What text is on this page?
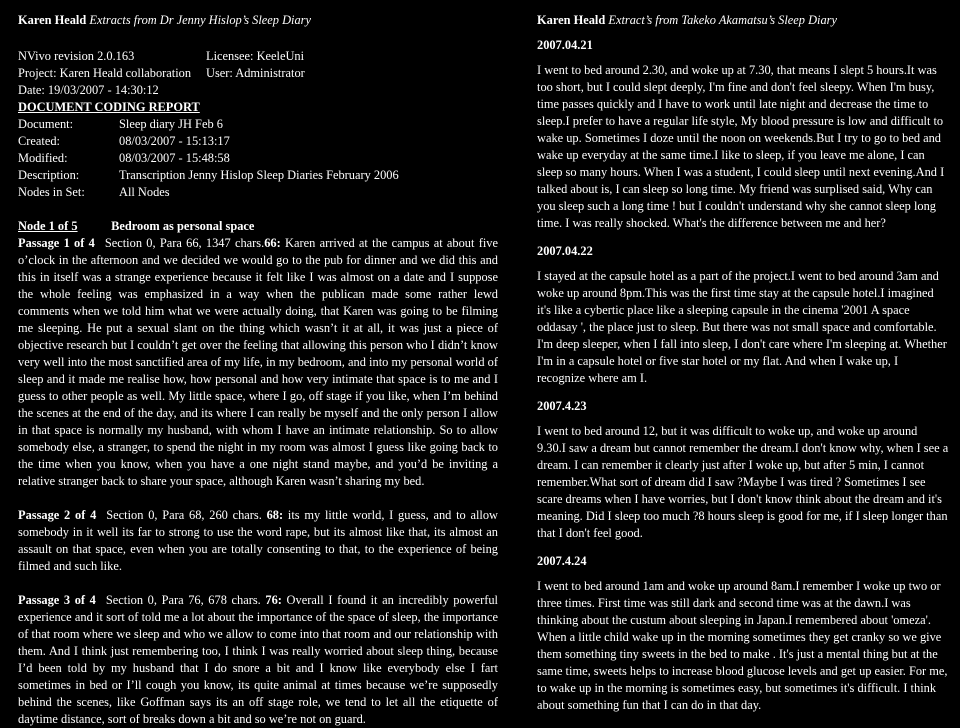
Karen Heald Extracts from Dr Jenny Hislop’s Sleep Diary
NVivo revision 2.0.163	Licensee: KeeleUni
Project: Karen Heald collaboration	User: Administrator
Date: 19/03/2007 - 14:30:12
DOCUMENT CODING REPORT
Document:	Sleep diary JH Feb 6
Created:	08/03/2007 - 15:13:17
Modified:	08/03/2007 - 15:48:58
Description:	Transcription Jenny Hislop Sleep Diaries February 2006
Nodes in Set:	All Nodes
Node 1 of 5	Bedroom as personal space

Passage 1 of 4 Section 0, Para 66, 1347 chars.66: Karen arrived at the campus at about five o’clock in the afternoon and we decided we would go to the pub for dinner and we did this and this in itself was a strange experience because it felt like I was almost on a date and I suppose the whole feeling was emphasized in a way when the publican made some rather lewd comments when we told him what we were actually doing, that Karen was going to be filming me sleeping. He put a sexual slant on the thing which wasn’t it at all, it was just a piece of objective research but I couldn’t get over the feeling that allowing this person who I didn’t know very well into the most sanctified area of my life, in my bedroom, and into my personal world of sleep and it made me realise how, how personal and how very intimate that space is to me and I guess to other people as well. My little space, where I go, off stage if you like, when I’m behind the scenes at the end of the day, and its where I can really be myself and the only person I allow in that space is normally my husband, with whom I have an intimate relationship. So to allow somebody else, a stranger, to spend the night in my room was almost I guess like going back to the time when you know, when you have a one night stand maybe, and you’d be inviting a relative stranger back to share your space, although Karen wasn’t sharing my bed.

Passage 2 of 4 Section 0, Para 68, 260 chars. 68: its my little world, I guess, and to allow somebody in it well its far to strong to use the word rape, but its almost like that, its almost an assault on that space, even when you are totally consenting to that, to the experience of being filmed and such like.

Passage 3 of 4 Section 0, Para 76, 678 chars. 76: Overall I found it an incredibly powerful experience and it sort of told me a lot about the importance of the space of sleep, the importance of that room where we sleep and who we allow to come into that room and our relationship with them. And I think just remembering too, I think I was really worried about sleep thing, because I’d been told by my husband that I do snore a bit and I know like everybody else I fart sometimes in bed or I’ll cough you know, its quite animal at times because we’re supposedly behind the scenes, like Goffman says its an off stage role, we tend to let all the etiquette of daytime distance, sort of breaks down a bit and so we’re not on guard.

Karen Heald Extract’s from Takeko Akamatsu’s Sleep Diary
2007.04.21

I went to bed around 2.30, and woke up at 7.30, that means I slept 5 hours.It was too short, but I could slept deeply, I'm fine and don't feel sleepy. When I'm busy, time passes quickly and I have to work until late night and decrease the time to sleep.I prefer to have a regular life style, My blood pressure is low and difficult to wake up. Sometimes I doze until the noon on weekends.But I try to go to bed and wake up everyday at the same time.I like to sleep, if you leave me alone, I can sleep so many hours. When I was a student, I could sleep until next evening.And I talked about is, I can sleep so long time. My friend was surplised said, Why can you sleep such a long time ! but I couldn't understand why she cannot sleep long time. I was really shocked. What's the difference between me and her?

2007.04.22

I stayed at the capsule hotel as a part of the project.I went to bed around 3am and woke up around 8pm.This was the first time stay at the capsule hotel.I imagined it's like a cybertic place like a sleeping capsule in the cinema '2001 A space oddasay ', the place just to sleep. But there was not small space and comfortable. I'm deep sleeper, when I fall into sleep, I don't care where I'm sleeping at. Whether I'm in a capsule hotel or five star hotel or my flat. And when I wake up, I recognize where am I.

2007.4.23

I went to bed around 12, but it was difficult to woke up, and woke up around 9.30.I saw a dream but cannot remember the dream.I don't know why, when I see a dream. I can remember it clearly just after I woke up, but after 5 min, I cannot remember.What sort of dream did I saw ?Maybe I was tired ? Sometimes I see scare dreams when I have worries, but I don't know think about the dream and it's meaning. Did I sleep too much ?8 hours sleep is good for me, if I sleep longer than that I don't feel good.

2007.4.24

I went to bed around 1am and woke up around 8am.I remember I woke up two or three times. First time was still dark and second time was at the dawn.I was thinking about the custum about sleeping in Japan.I remembered about 'omeza'. When a little child wake up in the morning sometimes they get cranky so we give them something tiny sweets in the bed to make . It's just a mental thing but at the same time, sweets helps to increase blood glucose levels and get up easier. For me, to wake up in the morning is sometimes easy, but sometimes it's difficult. I think about something fun that I can do in that day.
